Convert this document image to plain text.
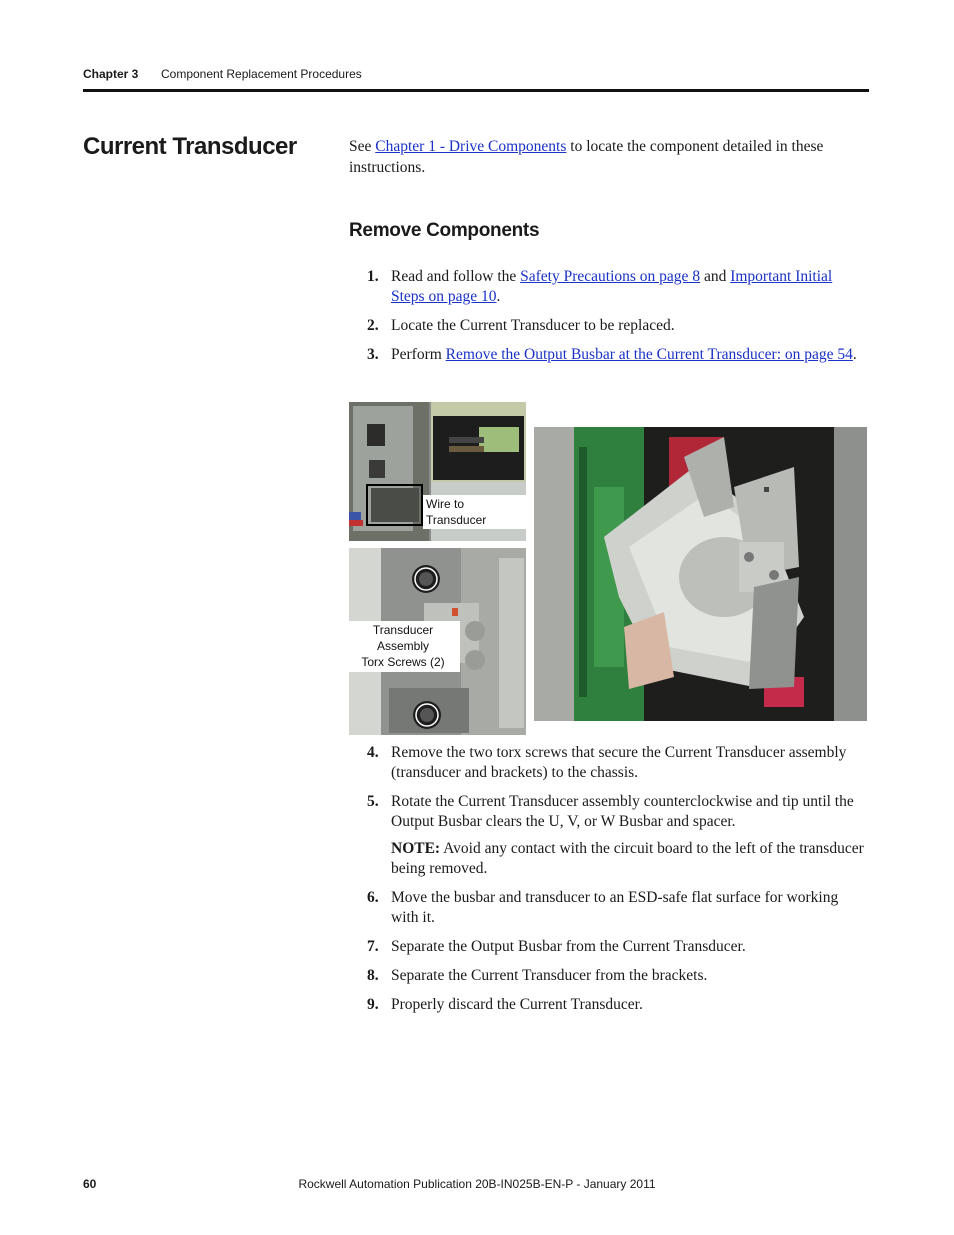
Chapter 3 Component Replacement Procedures
Current Transducer	See Chapter 1 - Drive Components to locate the component detailed in these instructions.
Remove Components
1. Read and follow the Safety Precautions on page 8 and Important Initial Steps on page 10.
2. Locate the Current Transducer to be replaced.
3. Perform Remove the Output Busbar at the Current Transducer: on page 54.
Wire to Transducer
Transducer Assembly
Torx Screws (2)
4. Remove the two torx screws that secure the Current Transducer assembly (transducer and brackets) to the chassis.
5. Rotate the Current Transducer assembly counterclockwise and tip until the Output Busbar clears the U, V, or W Busbar and spacer.
NOTE: Avoid any contact with the circuit board to the left of the transducer being removed.
6. Move the busbar and transducer to an ESD-safe flat surface for working with it.
7. Separate the Output Busbar from the Current Transducer.
8. Separate the Current Transducer from the brackets.
9. Properly discard the Current Transducer.
60	Rockwell Automation Publication 20B-IN025B-EN-P - January 2011
